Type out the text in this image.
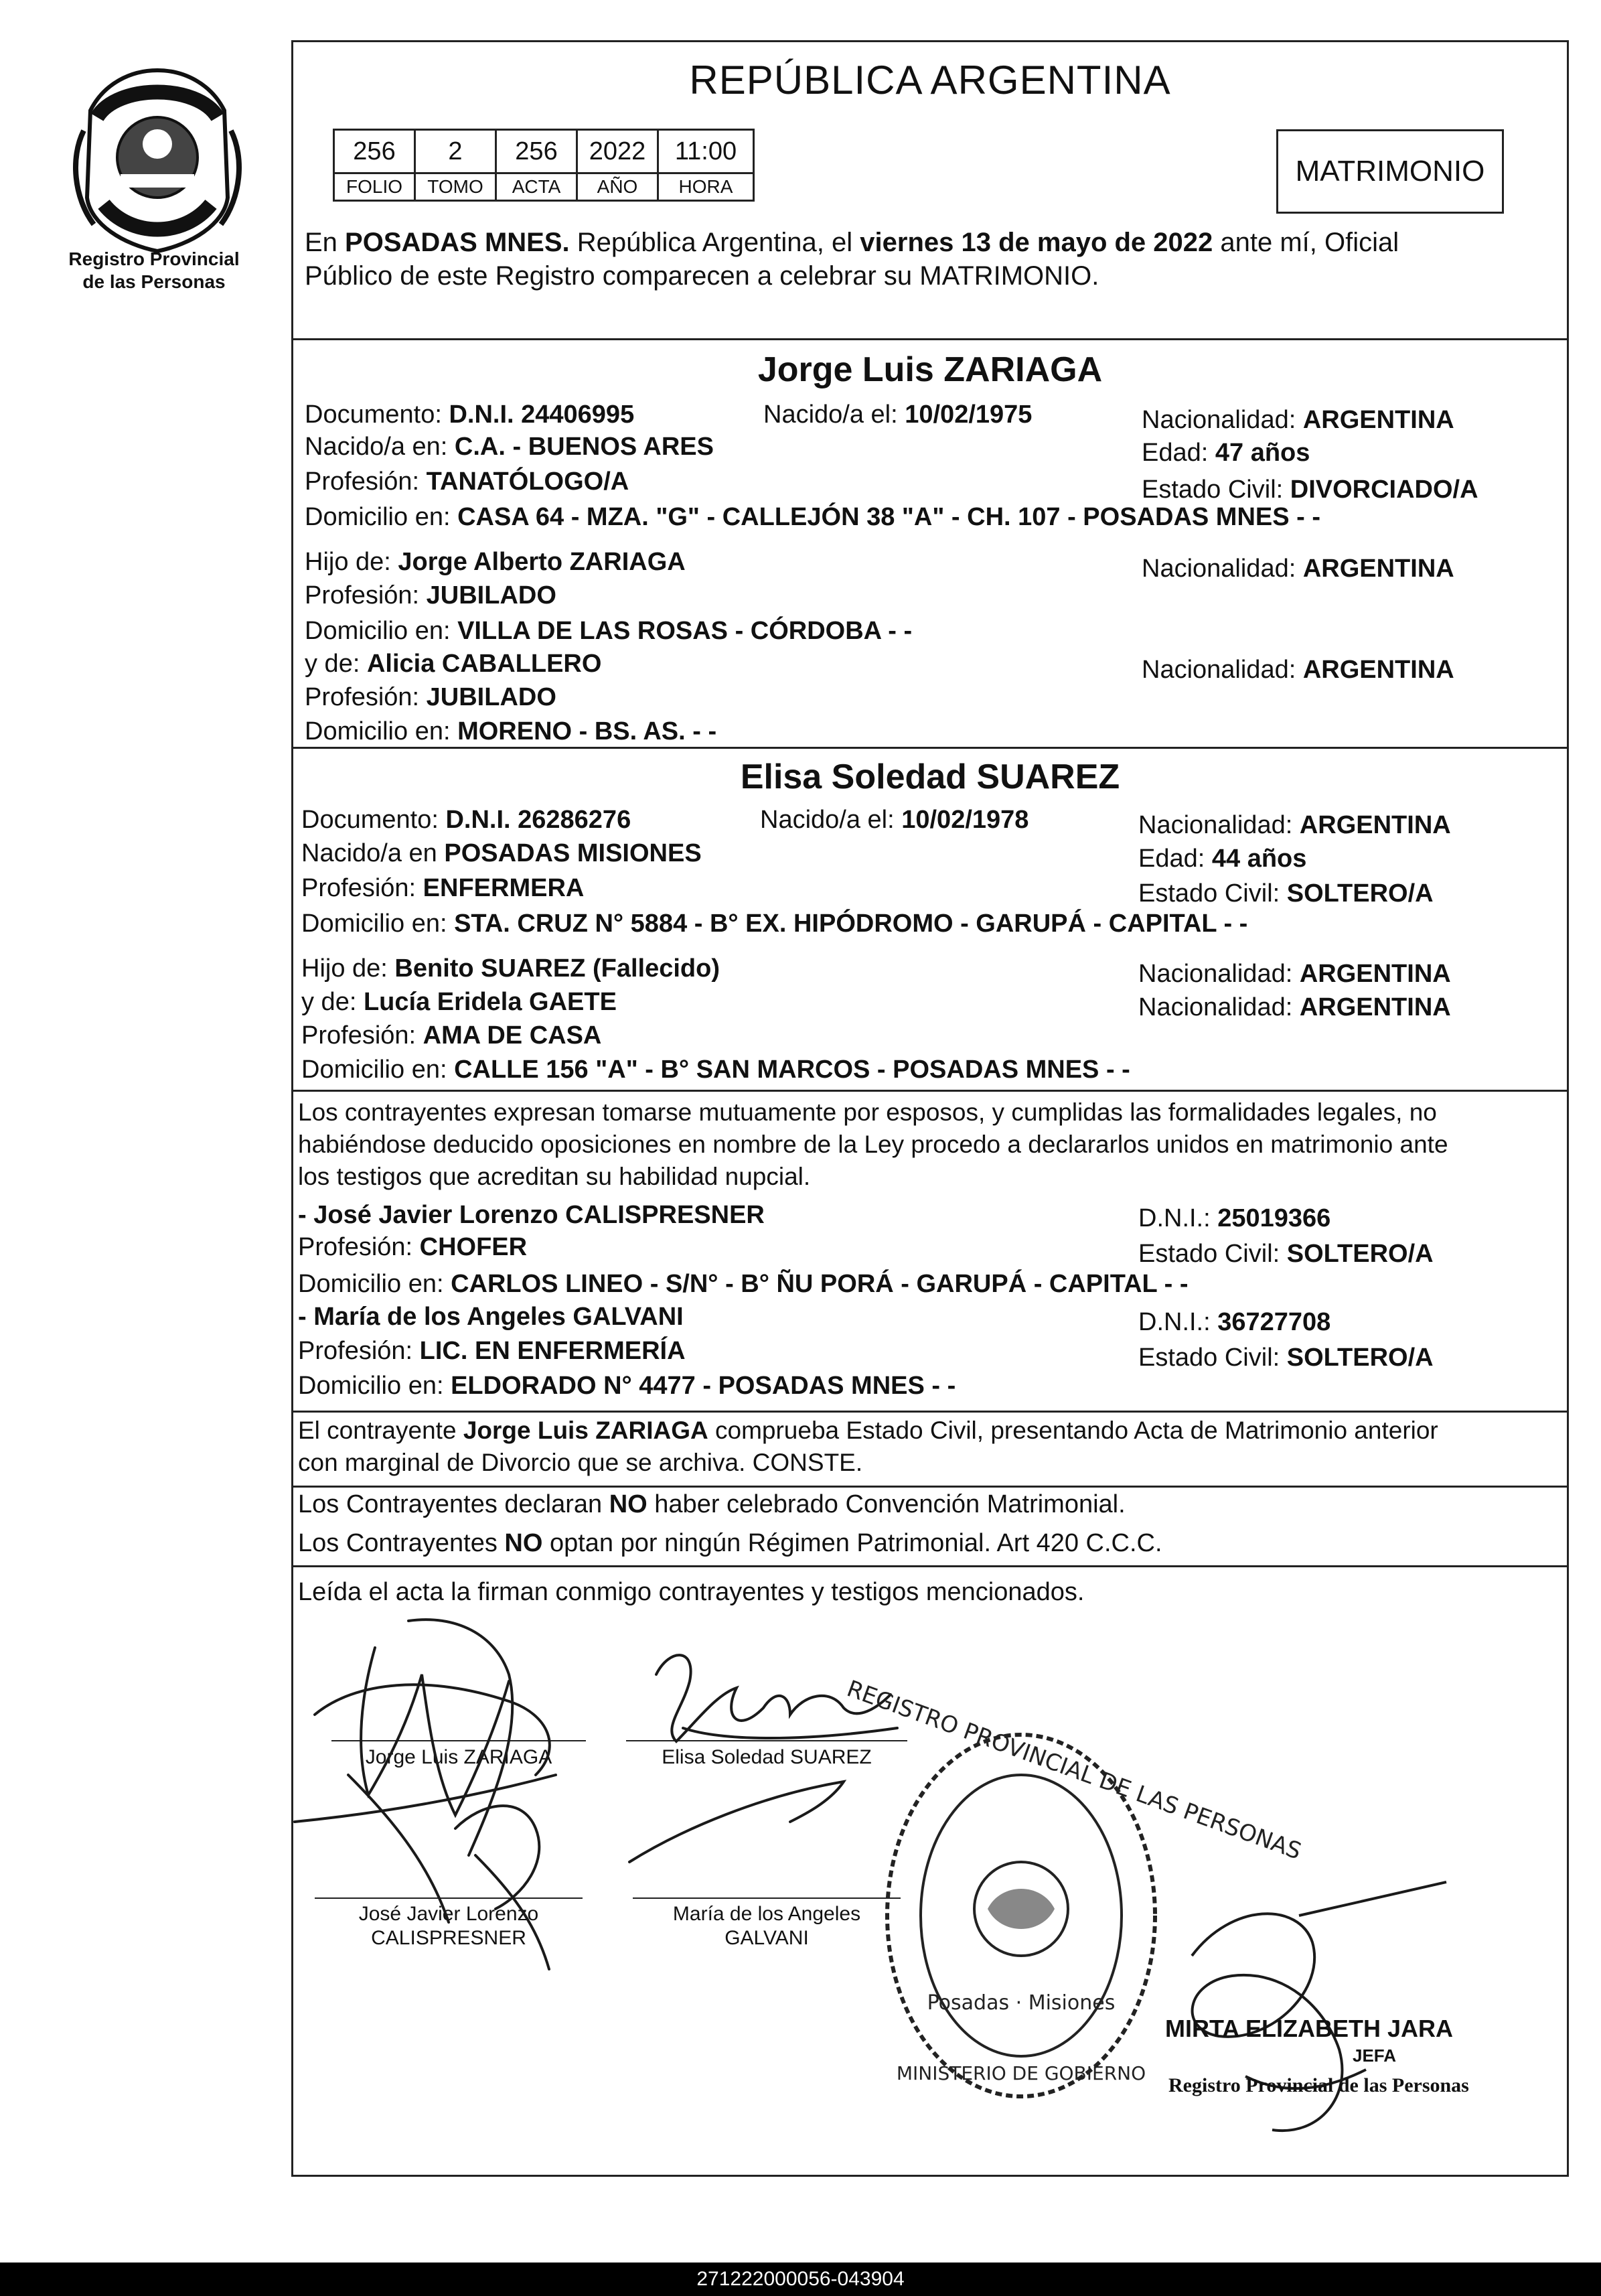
Registro Provincial
de las Personas
REPÚBLICA ARGENTINA
256	2	256	2022	11:00
FOLIO	TOMO	ACTA	AÑO	HORA	MATRIMONIO
En POSADAS MNES. República Argentina, el viernes 13 de mayo de 2022 ante mí, Oficial
Público de este Registro comparecen a celebrar su MATRIMONIO.
Jorge Luis ZARIAGA
Documento: D.N.I. 24406995	Nacido/a el: 10/02/1975	Nacionalidad: ARGENTINA
Nacido/a en: C.A. - BUENOS ARES	Edad: 47 años
Profesión: TANATÓLOGO/A	Estado Civil: DIVORCIADO/A
Domicilio en: CASA 64 - MZA. "G" - CALLEJÓN 38 "A" - CH. 107 - POSADAS MNES - -
Hijo de: Jorge Alberto ZARIAGA	Nacionalidad: ARGENTINA
Profesión: JUBILADO
Domicilio en: VILLA DE LAS ROSAS - CÓRDOBA - -
y de: Alicia CABALLERO	Nacionalidad: ARGENTINA
Profesión: JUBILADO
Domicilio en: MORENO - BS. AS. - -
Elisa Soledad SUAREZ
Documento: D.N.I. 26286276	Nacido/a el: 10/02/1978	Nacionalidad: ARGENTINA
Nacido/a en POSADAS MISIONES	Edad: 44 años
Profesión: ENFERMERA	Estado Civil: SOLTERO/A
Domicilio en: STA. CRUZ N° 5884 - B° EX. HIPÓDROMO - GARUPÁ - CAPITAL - -
Hijo de: Benito SUAREZ (Fallecido)	Nacionalidad: ARGENTINA
y de: Lucía Eridela GAETE	Nacionalidad: ARGENTINA
Profesión: AMA DE CASA
Domicilio en: CALLE 156 "A" - B° SAN MARCOS - POSADAS MNES - -
Los contrayentes expresan tomarse mutuamente por esposos, y cumplidas las formalidades legales, no
habiéndose deducido oposiciones en nombre de la Ley procedo a declararlos unidos en matrimonio ante
los testigos que acreditan su habilidad nupcial.
- José Javier Lorenzo CALISPRESNER	D.N.I.: 25019366
Profesión: CHOFER	Estado Civil: SOLTERO/A
Domicilio en: CARLOS LINEO - S/N° - B° ÑU PORÁ - GARUPÁ - CAPITAL - -
- María de los Angeles GALVANI	D.N.I.: 36727708
Profesión: LIC. EN ENFERMERÍA	Estado Civil: SOLTERO/A
Domicilio en: ELDORADO N° 4477 - POSADAS MNES - -
El contrayente Jorge Luis ZARIAGA comprueba Estado Civil, presentando Acta de Matrimonio anterior
con marginal de Divorcio que se archiva. CONSTE.
Los Contrayentes declaran NO haber celebrado Convención Matrimonial.
Los Contrayentes NO optan por ningún Régimen Patrimonial. Art 420 C.C.C.
Leída el acta la firman conmigo contrayentes y testigos mencionados.
Jorge Luis ZARIAGA	Elisa Soledad SUAREZ
José Javier Lorenzo
CALISPRESNER
María de los Angeles
GALVANI
REGISTRO PROVINCIAL DE LAS PERSONAS
Posadas · Misiones
MINISTERIO DE GOBIERNO
MIRTA ELIZABETH JARA
JEFA
Registro Provincial de las Personas
271222000056-043904
